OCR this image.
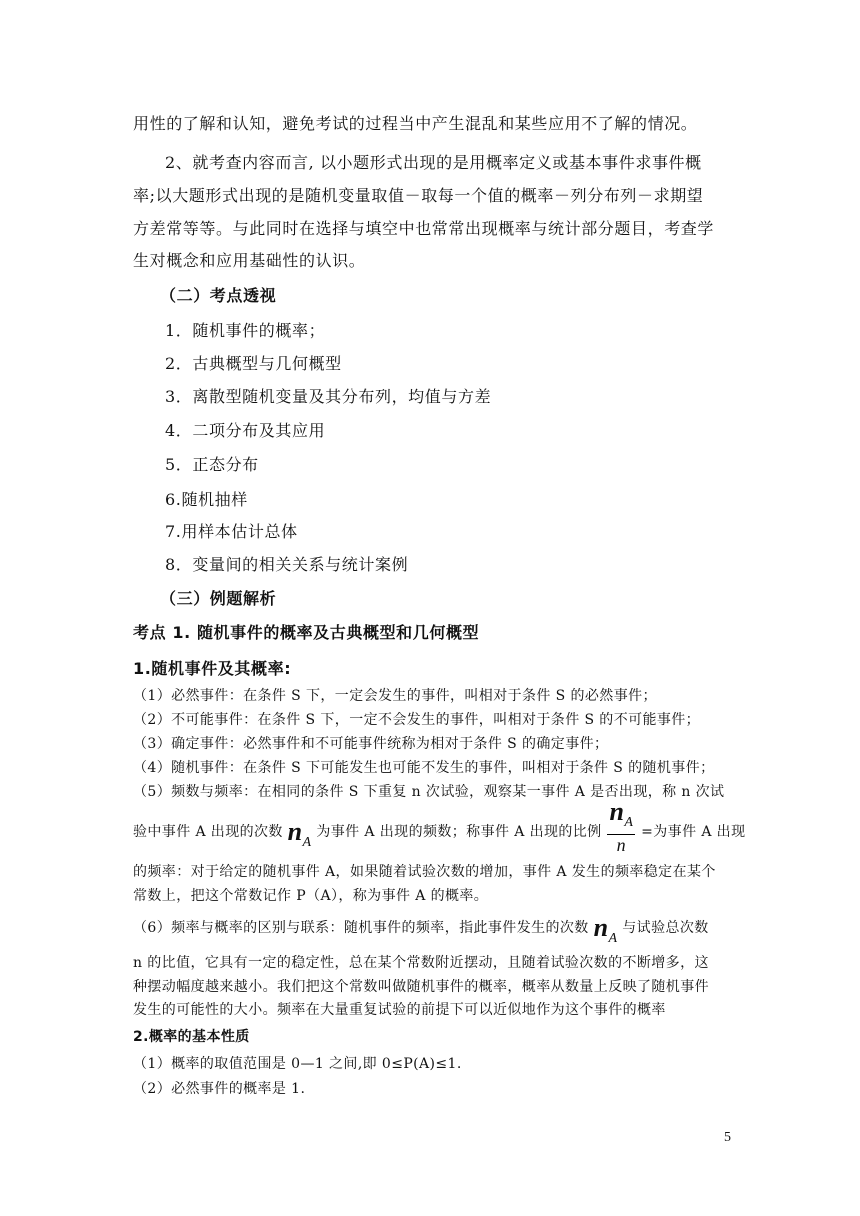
用性的了解和认知，避免考试的过程当中产生混乱和某些应用不了解的情况。

2、就考查内容而言, 以小题形式出现的是用概率定义或基本事件求事件概

率;以大题形式出现的是随机变量取值－取每一个值的概率－列分布列－求期望

方差常等等。与此同时在选择与填空中也常常出现概率与统计部分题目，考查学

生对概念和应用基础性的认识。

（二）考点透视

1．随机事件的概率；

2．古典概型与几何概型

3．离散型随机变量及其分布列，均值与方差

4．二项分布及其应用

5．正态分布

6.随机抽样

7.用样本估计总体

8．变量间的相关关系与统计案例

（三）例题解析

考点 1. 随机事件的概率及古典概型和几何概型

1.随机事件及其概率:

（1）必然事件：在条件 S 下，一定会发生的事件，叫相对于条件 S 的必然事件；

（2）不可能事件：在条件 S 下，一定不会发生的事件，叫相对于条件 S 的不可能事件；

（3）确定事件：必然事件和不可能事件统称为相对于条件 S 的确定事件；

（4）随机事件：在条件 S 下可能发生也可能不发生的事件，叫相对于条件 S 的随机事件；

（5）频数与频率：在相同的条件 S 下重复 n 次试验，观察某一事件 A 是否出现，称 n 次试

验中事件 A 出现的次数 $n_A$ 为事件 A 出现的频数；称事件 A 出现的比例 $\frac{n_A}{n}$ =为事件 A 出现

的频率：对于给定的随机事件 A，如果随着试验次数的增加，事件 A 发生的频率稳定在某个

常数上，把这个常数记作 P（A），称为事件 A 的概率。

（6）频率与概率的区别与联系：随机事件的频率，指此事件发生的次数 $n_A$ 与试验总次数

n 的比值，它具有一定的稳定性，总在某个常数附近摆动，且随着试验次数的不断增多，这

种摆动幅度越来越小。我们把这个常数叫做随机事件的概率，概率从数量上反映了随机事件

发生的可能性的大小。频率在大量重复试验的前提下可以近似地作为这个事件的概率

2.概率的基本性质

（1）概率的取值范围是 0—1 之间,即 0≤P(A)≤1.

（2）必然事件的概率是 1.

5
